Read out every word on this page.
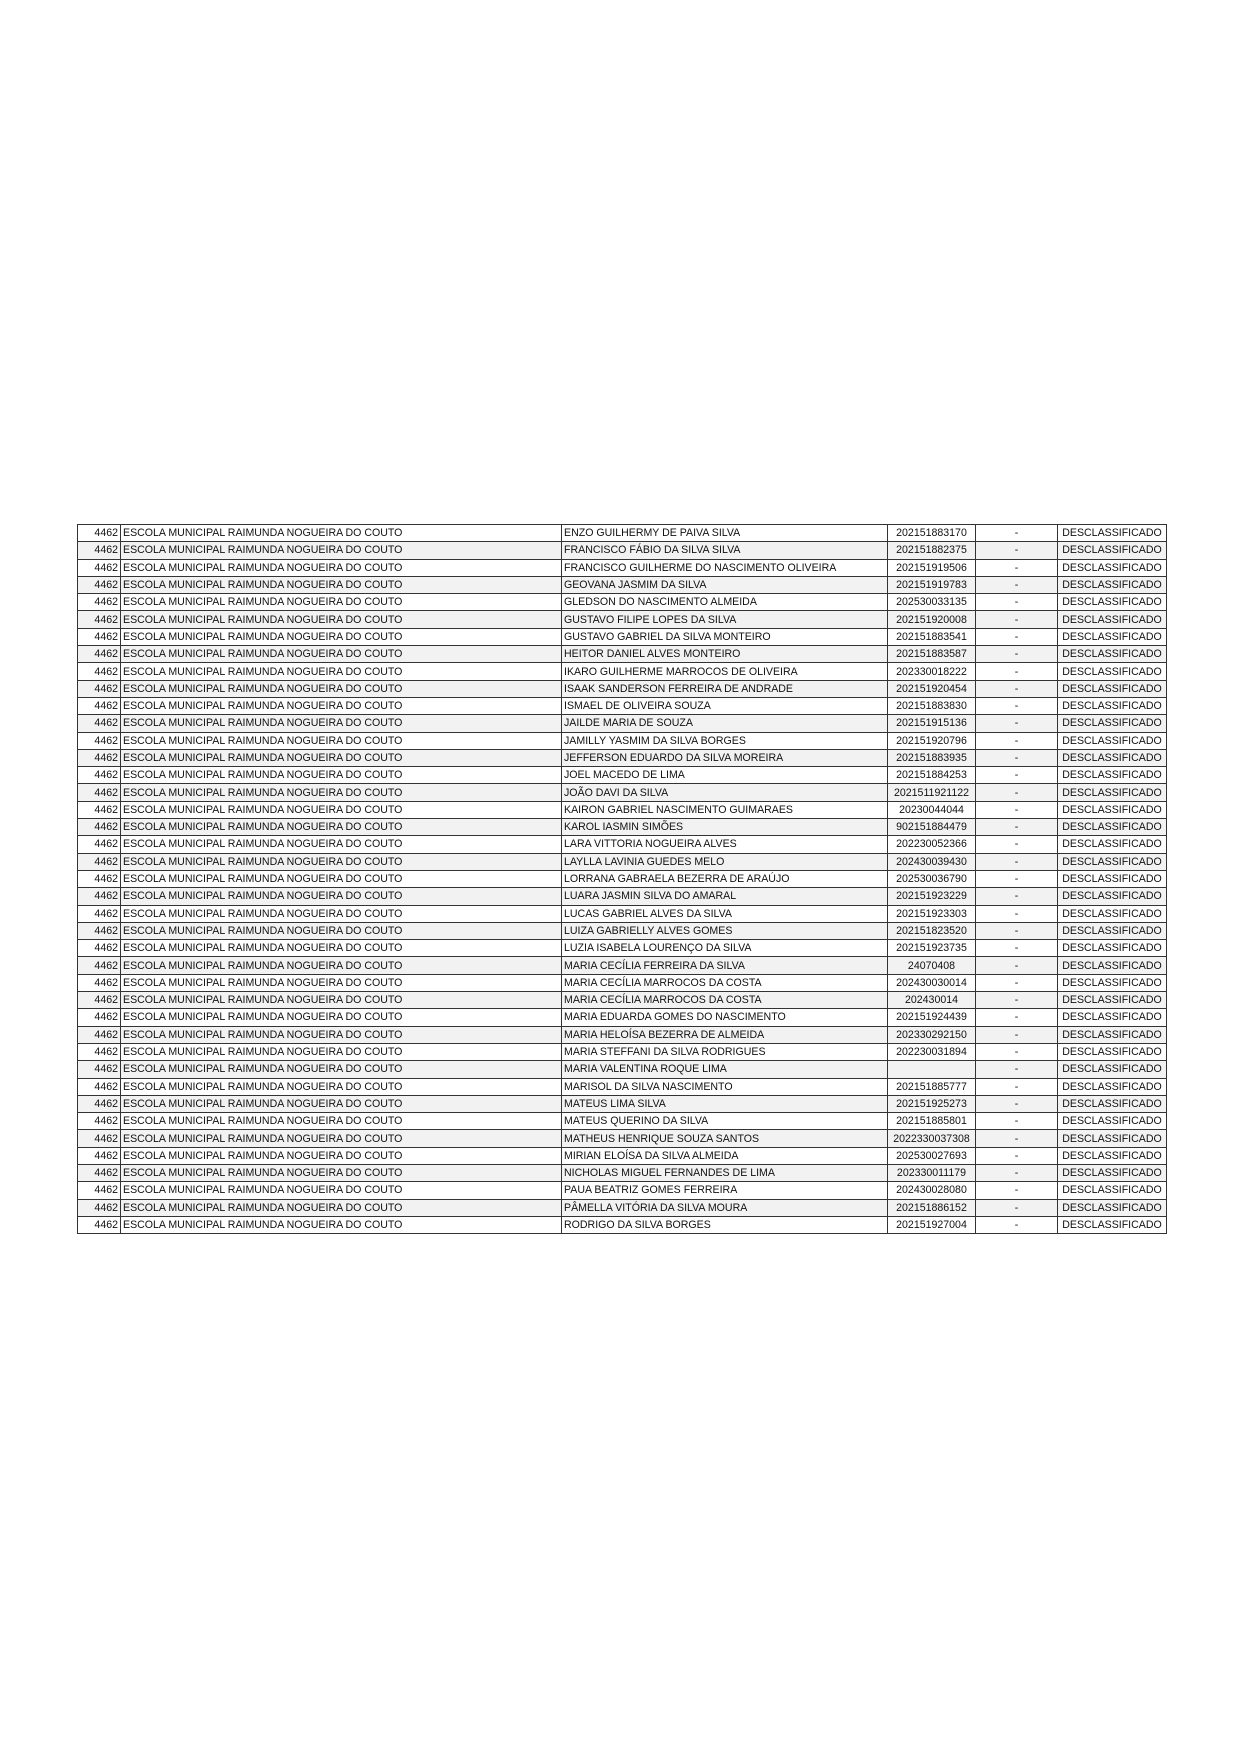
4462	ESCOLA MUNICIPAL RAIMUNDA NOGUEIRA DO COUTO	ENZO GUILHERMY DE PAIVA SILVA	202151883170	-	DESCLASSIFICADO
4462	ESCOLA MUNICIPAL RAIMUNDA NOGUEIRA DO COUTO	FRANCISCO FÁBIO DA SILVA SILVA	202151882375	-	DESCLASSIFICADO
4462	ESCOLA MUNICIPAL RAIMUNDA NOGUEIRA DO COUTO	FRANCISCO GUILHERME DO NASCIMENTO OLIVEIRA	202151919506	-	DESCLASSIFICADO
4462	ESCOLA MUNICIPAL RAIMUNDA NOGUEIRA DO COUTO	GEOVANA JASMIM DA SILVA	202151919783	-	DESCLASSIFICADO
4462	ESCOLA MUNICIPAL RAIMUNDA NOGUEIRA DO COUTO	GLEDSON DO NASCIMENTO ALMEIDA	202530033135	-	DESCLASSIFICADO
4462	ESCOLA MUNICIPAL RAIMUNDA NOGUEIRA DO COUTO	GUSTAVO FILIPE LOPES DA SILVA	202151920008	-	DESCLASSIFICADO
4462	ESCOLA MUNICIPAL RAIMUNDA NOGUEIRA DO COUTO	GUSTAVO GABRIEL DA SILVA MONTEIRO	202151883541	-	DESCLASSIFICADO
4462	ESCOLA MUNICIPAL RAIMUNDA NOGUEIRA DO COUTO	HEITOR DANIEL ALVES MONTEIRO	202151883587	-	DESCLASSIFICADO
4462	ESCOLA MUNICIPAL RAIMUNDA NOGUEIRA DO COUTO	IKARO GUILHERME MARROCOS DE OLIVEIRA	202330018222	-	DESCLASSIFICADO
4462	ESCOLA MUNICIPAL RAIMUNDA NOGUEIRA DO COUTO	ISAAK SANDERSON FERREIRA DE ANDRADE	202151920454	-	DESCLASSIFICADO
4462	ESCOLA MUNICIPAL RAIMUNDA NOGUEIRA DO COUTO	ISMAEL DE OLIVEIRA SOUZA	202151883830	-	DESCLASSIFICADO
4462	ESCOLA MUNICIPAL RAIMUNDA NOGUEIRA DO COUTO	JAILDE MARIA DE SOUZA	202151915136	-	DESCLASSIFICADO
4462	ESCOLA MUNICIPAL RAIMUNDA NOGUEIRA DO COUTO	JAMILLY YASMIM DA SILVA BORGES	202151920796	-	DESCLASSIFICADO
4462	ESCOLA MUNICIPAL RAIMUNDA NOGUEIRA DO COUTO	JEFFERSON EDUARDO DA SILVA MOREIRA	202151883935	-	DESCLASSIFICADO
4462	ESCOLA MUNICIPAL RAIMUNDA NOGUEIRA DO COUTO	JOEL MACEDO DE LIMA	202151884253	-	DESCLASSIFICADO
4462	ESCOLA MUNICIPAL RAIMUNDA NOGUEIRA DO COUTO	JOÃO DAVI DA SILVA	2021511921122	-	DESCLASSIFICADO
4462	ESCOLA MUNICIPAL RAIMUNDA NOGUEIRA DO COUTO	KAIRON GABRIEL NASCIMENTO GUIMARAES	20230044044	-	DESCLASSIFICADO
4462	ESCOLA MUNICIPAL RAIMUNDA NOGUEIRA DO COUTO	KAROL IASMIN SIMÕES	902151884479	-	DESCLASSIFICADO
4462	ESCOLA MUNICIPAL RAIMUNDA NOGUEIRA DO COUTO	LARA VITTORIA NOGUEIRA ALVES	202230052366	-	DESCLASSIFICADO
4462	ESCOLA MUNICIPAL RAIMUNDA NOGUEIRA DO COUTO	LAYLLA LAVINIA GUEDES MELO	202430039430	-	DESCLASSIFICADO
4462	ESCOLA MUNICIPAL RAIMUNDA NOGUEIRA DO COUTO	LORRANA GABRAELA BEZERRA DE ARAÚJO	202530036790	-	DESCLASSIFICADO
4462	ESCOLA MUNICIPAL RAIMUNDA NOGUEIRA DO COUTO	LUARA JASMIN SILVA DO AMARAL	202151923229	-	DESCLASSIFICADO
4462	ESCOLA MUNICIPAL RAIMUNDA NOGUEIRA DO COUTO	LUCAS GABRIEL ALVES DA SILVA	202151923303	-	DESCLASSIFICADO
4462	ESCOLA MUNICIPAL RAIMUNDA NOGUEIRA DO COUTO	LUIZA GABRIELLY ALVES GOMES	202151823520	-	DESCLASSIFICADO
4462	ESCOLA MUNICIPAL RAIMUNDA NOGUEIRA DO COUTO	LUZIA ISABELA LOURENÇO DA SILVA	202151923735	-	DESCLASSIFICADO
4462	ESCOLA MUNICIPAL RAIMUNDA NOGUEIRA DO COUTO	MARIA CECÍLIA FERREIRA DA SILVA	24070408	-	DESCLASSIFICADO
4462	ESCOLA MUNICIPAL RAIMUNDA NOGUEIRA DO COUTO	MARIA CECÍLIA MARROCOS DA COSTA	202430030014	-	DESCLASSIFICADO
4462	ESCOLA MUNICIPAL RAIMUNDA NOGUEIRA DO COUTO	MARIA CECÍLIA MARROCOS DA COSTA	202430014	-	DESCLASSIFICADO
4462	ESCOLA MUNICIPAL RAIMUNDA NOGUEIRA DO COUTO	MARIA EDUARDA GOMES DO NASCIMENTO	202151924439	-	DESCLASSIFICADO
4462	ESCOLA MUNICIPAL RAIMUNDA NOGUEIRA DO COUTO	MARIA HELOÍSA BEZERRA DE ALMEIDA	202330292150	-	DESCLASSIFICADO
4462	ESCOLA MUNICIPAL RAIMUNDA NOGUEIRA DO COUTO	MARIA STEFFANI DA SILVA RODRIGUES	202230031894	-	DESCLASSIFICADO
4462	ESCOLA MUNICIPAL RAIMUNDA NOGUEIRA DO COUTO	MARIA VALENTINA ROQUE LIMA		-	DESCLASSIFICADO
4462	ESCOLA MUNICIPAL RAIMUNDA NOGUEIRA DO COUTO	MARISOL DA SILVA NASCIMENTO	202151885777	-	DESCLASSIFICADO
4462	ESCOLA MUNICIPAL RAIMUNDA NOGUEIRA DO COUTO	MATEUS LIMA SILVA	202151925273	-	DESCLASSIFICADO
4462	ESCOLA MUNICIPAL RAIMUNDA NOGUEIRA DO COUTO	MATEUS QUERINO DA SILVA	202151885801	-	DESCLASSIFICADO
4462	ESCOLA MUNICIPAL RAIMUNDA NOGUEIRA DO COUTO	MATHEUS HENRIQUE SOUZA SANTOS	2022330037308	-	DESCLASSIFICADO
4462	ESCOLA MUNICIPAL RAIMUNDA NOGUEIRA DO COUTO	MIRIAN ELOÍSA DA SILVA ALMEIDA	202530027693	-	DESCLASSIFICADO
4462	ESCOLA MUNICIPAL RAIMUNDA NOGUEIRA DO COUTO	NICHOLAS MIGUEL FERNANDES DE LIMA	202330011179	-	DESCLASSIFICADO
4462	ESCOLA MUNICIPAL RAIMUNDA NOGUEIRA DO COUTO	PAUA BEATRIZ GOMES FERREIRA	202430028080	-	DESCLASSIFICADO
4462	ESCOLA MUNICIPAL RAIMUNDA NOGUEIRA DO COUTO	PÂMELLA VITÓRIA DA SILVA MOURA	202151886152	-	DESCLASSIFICADO
4462	ESCOLA MUNICIPAL RAIMUNDA NOGUEIRA DO COUTO	RODRIGO DA SILVA BORGES	202151927004	-	DESCLASSIFICADO
